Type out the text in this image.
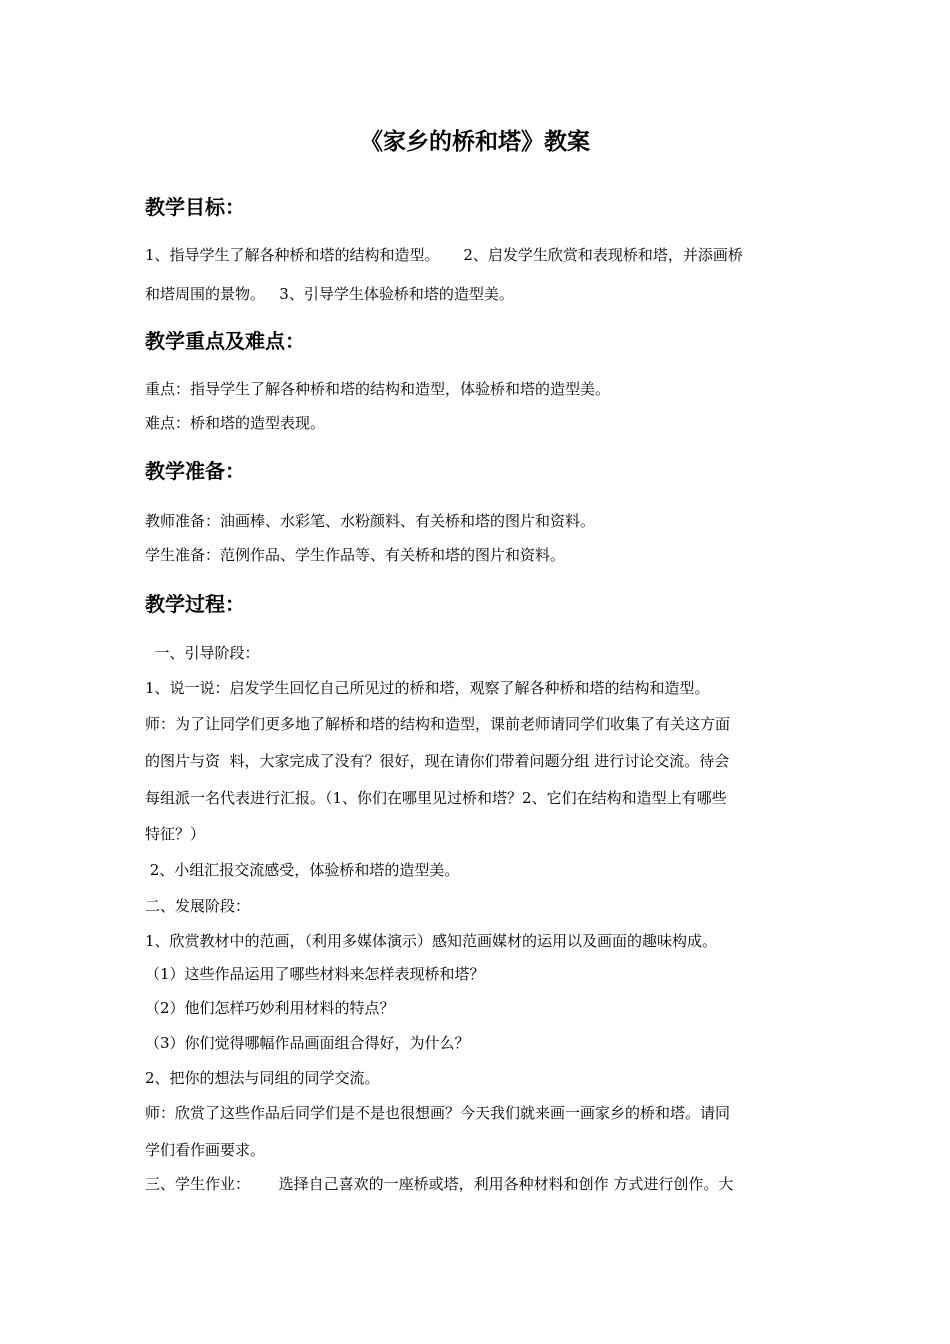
《家乡的桥和塔》教案
教学目标：

1、指导学生了解各种桥和塔的结构和造型。     2、启发学生欣赏和表现桥和塔，并添画桥

和塔周围的景物。   3、引导学生体验桥和塔的造型美。

教学重点及难点：

重点：指导学生了解各种桥和塔的结构和造型，体验桥和塔的造型美。

难点：桥和塔的造型表现。

教学准备：

教师准备：油画棒、水彩笔、水粉颜料、有关桥和塔的图片和资料。

学生准备：范例作品、学生作品等、有关桥和塔的图片和资料。

教学过程：

一、引导阶段：

1、说一说：启发学生回忆自己所见过的桥和塔，观察了解各种桥和塔的结构和造型。

师：为了让同学们更多地了解桥和塔的结构和造型，课前老师请同学们收集了有关这方面

的图片与资  料，大家完成了没有？很好，现在请你们带着问题分组 进行讨论交流。待会

每组派一名代表进行汇报。（1、你们在哪里见过桥和塔？2、它们在结构和造型上有哪些

特征？）

2、小组汇报交流感受，体验桥和塔的造型美。

二、发展阶段：

1、欣赏教材中的范画，（利用多媒体演示）感知范画媒材的运用以及画面的趣味构成。

（1）这些作品运用了哪些材料来怎样表现桥和塔？

（2）他们怎样巧妙利用材料的特点？

（3）你们觉得哪幅作品画面组合得好，为什么？

2、把你的想法与同组的同学交流。

师：欣赏了这些作品后同学们是不是也很想画？今天我们就来画一画家乡的桥和塔。请同

学们看作画要求。

三、学生作业：      选择自己喜欢的一座桥或塔，利用各种材料和创作 方式进行创作。大
